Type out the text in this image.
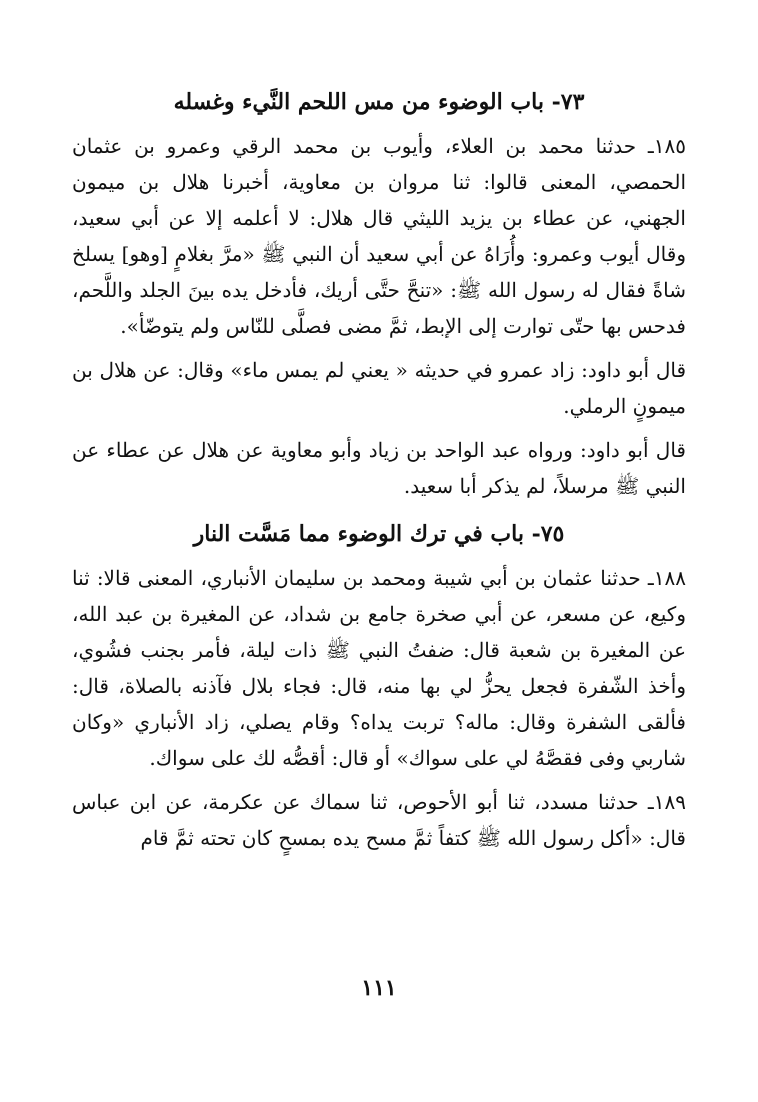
٧٣- باب الوضوء من مس اللحم النَّيء وغسله

١٨٥ـ حدثنا محمد بن العلاء، وأيوب بن محمد الرقي وعمرو بن عثمان الحمصي، المعنى قالوا: ثنا مروان بن معاوية، أخبرنا هلال بن ميمون الجهني، عن عطاء بن يزيد الليثي قال هلال: لا أعلمه إلا عن أبي سعيد، وقال أيوب وعمرو: وأُرَاهُ عن أبي سعيد أن النبي ﷺ «مرَّ بغلامٍ [وهو] يسلخ شاةً فقال له رسول الله ﷺ: «تنحَّ حتَّى أريك، فأدخل يده بينَ الجلد واللَّحم، فدحس بها حتّى توارت إلى الإبط، ثمَّ مضى فصلَّى للنّاس ولم يتوضّأ».

قال أبو داود: زاد عمرو في حديثه « يعني لم يمس ماء» وقال: عن هلال بن ميمونٍ الرملي.

قال أبو داود: ورواه عبد الواحد بن زياد وأبو معاوية عن هلال عن عطاء عن النبي ﷺ مرسلاً، لم يذكر أبا سعيد.

٧٥- باب في ترك الوضوء مما مَسَّت النار

١٨٨ـ حدثنا عثمان بن أبي شيبة ومحمد بن سليمان الأنباري، المعنى قالا: ثنا وكيع، عن مسعر، عن أبي صخرة جامع بن شداد، عن المغيرة بن عبد الله، عن المغيرة بن شعبة قال: ضفتُ النبي ﷺ ذات ليلة، فأمر بجنب فشُوي، وأخذ الشّفرة فجعل يحزُّ لي بها منه، قال: فجاء بلال فآذنه بالصلاة، قال: فألقى الشفرة وقال: ماله؟ تربت يداه؟ وقام يصلي، زاد الأنباري «وكان شاربي وفى فقصَّهُ لي على سواك» أو قال: أقصُّه لك على سواك.

١٨٩ـ حدثنا مسدد، ثنا أبو الأحوص، ثنا سماك عن عكرمة، عن ابن عباس قال: «أكل رسول الله ﷺ كتفاً ثمَّ مسح يده بمسحٍ كان تحته ثمَّ قام

١١١
